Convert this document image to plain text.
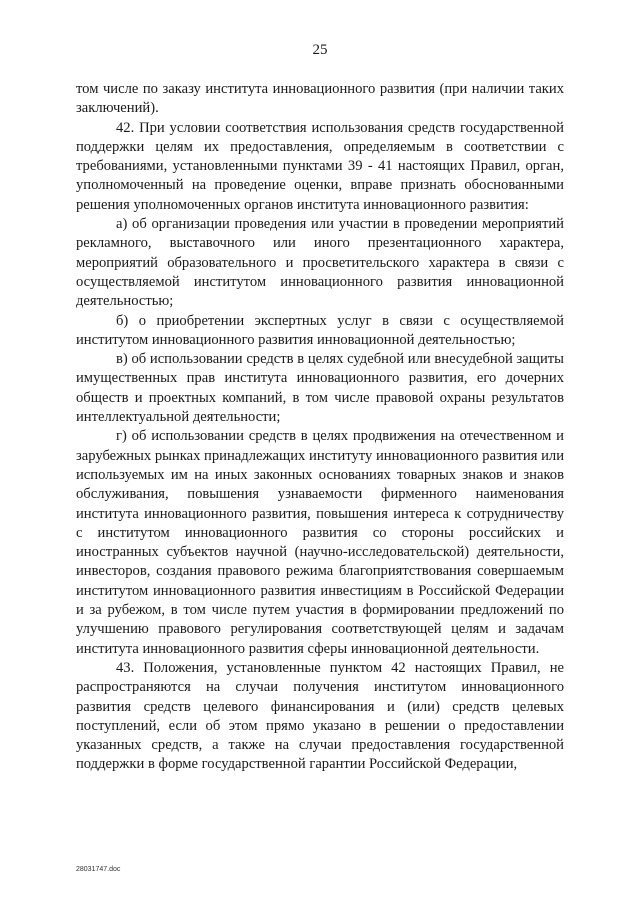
25

том числе по заказу института инновационного развития (при наличии таких заключений).

42. При условии соответствия использования средств государственной поддержки целям их предоставления, определяемым в соответствии с требованиями, установленными пунктами 39 - 41 настоящих Правил, орган, уполномоченный на проведение оценки, вправе признать обоснованными решения уполномоченных органов института инновационного развития:

а) об организации проведения или участии в проведении мероприятий рекламного, выставочного или иного презентационного характера, мероприятий образовательного и просветительского характера в связи с осуществляемой институтом инновационного развития инновационной деятельностью;

б) о приобретении экспертных услуг в связи с осуществляемой институтом инновационного развития инновационной деятельностью;

в) об использовании средств в целях судебной или внесудебной защиты имущественных прав института инновационного развития, его дочерних обществ и проектных компаний, в том числе правовой охраны результатов интеллектуальной деятельности;

г) об использовании средств в целях продвижения на отечественном и зарубежных рынках принадлежащих институту инновационного развития или используемых им на иных законных основаниях товарных знаков и знаков обслуживания, повышения узнаваемости фирменного наименования института инновационного развития, повышения интереса к сотрудничеству с институтом инновационного развития со стороны российских и иностранных субъектов научной (научно-исследовательской) деятельности, инвесторов, создания правового режима благоприятствования совершаемым институтом инновационного развития инвестициям в Российской Федерации и за рубежом, в том числе путем участия в формировании предложений по улучшению правового регулирования соответствующей целям и задачам института инновационного развития сферы инновационной деятельности.

43. Положения, установленные пунктом 42 настоящих Правил, не распространяются на случаи получения институтом инновационного развития средств целевого финансирования и (или) средств целевых поступлений, если об этом прямо указано в решении о предоставлении указанных средств, а также на случаи предоставления государственной поддержки в форме государственной гарантии Российской Федерации,

28031747.doc
